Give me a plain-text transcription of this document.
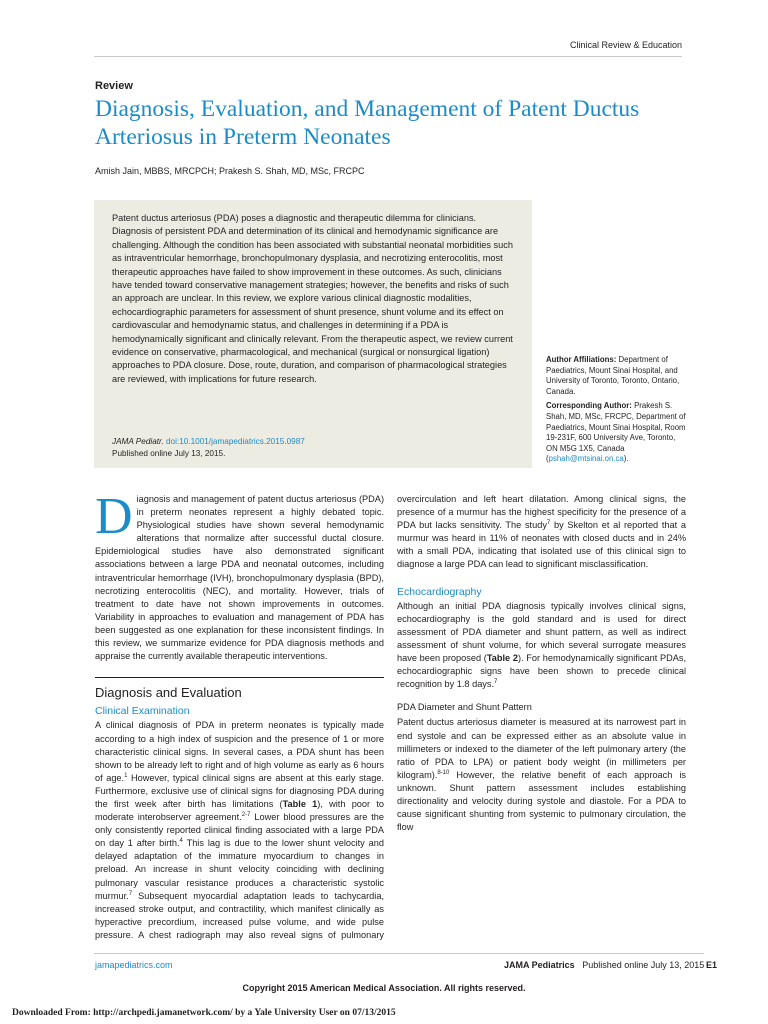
Clinical Review & Education
Review
Diagnosis, Evaluation, and Management of Patent Ductus Arteriosus in Preterm Neonates
Amish Jain, MBBS, MRCPCH; Prakesh S. Shah, MD, MSc, FRCPC
Patent ductus arteriosus (PDA) poses a diagnostic and therapeutic dilemma for clinicians. Diagnosis of persistent PDA and determination of its clinical and hemodynamic significance are challenging. Although the condition has been associated with substantial neonatal morbidities such as intraventricular hemorrhage, bronchopulmonary dysplasia, and necrotizing enterocolitis, most therapeutic approaches have failed to show improvement in these outcomes. As such, clinicians have tended toward conservative management strategies; however, the benefits and risks of such an approach are unclear. In this review, we explore various clinical diagnostic modalities, echocardiographic parameters for assessment of shunt presence, shunt volume and its effect on cardiovascular and hemodynamic status, and challenges in determining if a PDA is hemodynamically significant and clinically relevant. From the therapeutic aspect, we review current evidence on conservative, pharmacological, and mechanical (surgical or nonsurgical ligation) approaches to PDA closure. Dose, route, duration, and comparison of pharmacological strategies are reviewed, with implications for future research.
JAMA Pediatr. doi:10.1001/jamapediatrics.2015.0987
Published online July 13, 2015.

Author Affiliations: Department of Paediatrics, Mount Sinai Hospital, and University of Toronto, Toronto, Ontario, Canada.

Corresponding Author: Prakesh S. Shah, MD, MSc, FRCPC, Department of Paediatrics, Mount Sinai Hospital, Room 19-231F, 600 University Ave, Toronto, ON M5G 1X5, Canada (pshah@mtsinai.on.ca).

Diagnosis and management of patent ductus arteriosus (PDA) in preterm neonates represent a highly debated topic. Physiological studies have shown several hemodynamic alterations that normalize after successful ductal closure. Epidemiological studies have also demonstrated significant associations between a large PDA and neonatal outcomes, including intraventricular hemorrhage (IVH), bronchopulmonary dysplasia (BPD), necrotizing enterocolitis (NEC), and mortality. However, trials of treatment to date have not shown improvements in outcomes. Variability in approaches to evaluation and management of PDA has been suggested as one explanation for these inconsistent findings. In this review, we summarize evidence for PDA diagnosis methods and appraise the currently available therapeutic interventions.

Diagnosis and Evaluation
Clinical Examination

A clinical diagnosis of PDA in preterm neonates is typically made according to a high index of suspicion and the presence of 1 or more characteristic clinical signs. In several cases, a PDA shunt has been shown to be already left to right and of high volume as early as 6 hours of age.$^1$ However, typical clinical signs are absent at this early stage. Furthermore, exclusive use of clinical signs for diagnosing PDA during the first week after birth has limitations (Table 1), with poor to moderate interobserver agreement.$^{2-7}$ Lower blood pressures are the only consistently reported clinical finding associated with a large PDA on day 1 after birth.$^4$ This lag is due to the lower shunt velocity and delayed adaptation of the immature myocardium to changes in preload. An increase in shunt velocity coinciding with declining pulmonary vascular resistance produces a characteristic systolic murmur.$^7$ Subsequent myocardial adaptation leads to tachycardia, increased stroke output, and contractility, which manifest clinically as hyperactive precordium, increased pulse volume, and wide pulse pressure. A chest radiograph may also reveal signs of pulmonary overcirculation and left heart dilatation. Among clinical signs, the presence of a murmur has the highest specificity for the presence of a PDA but lacks sensitivity. The study$^7$ by Skelton et al reported that a murmur was heard in 11% of neonates with closed ducts and in 24% with a small PDA, indicating that isolated use of this clinical sign to diagnose a large PDA can lead to significant misclassification.

Echocardiography

Although an initial PDA diagnosis typically involves clinical signs, echocardiography is the gold standard and is used for direct assessment of PDA diameter and shunt pattern, as well as indirect assessment of shunt volume, for which several surrogate measures have been proposed (Table 2). For hemodynamically significant PDAs, echocardiographic signs have been shown to precede clinical recognition by 1.8 days.$^7$

PDA Diameter and Shunt Pattern

Patent ductus arteriosus diameter is measured at its narrowest part in end systole and can be expressed either as an absolute value in millimeters or indexed to the diameter of the left pulmonary artery (the ratio of PDA to LPA) or patient body weight (in millimeters per kilogram).$^{8-10}$ However, the relative benefit of each approach is unknown. Shunt pattern assessment includes establishing directionality and velocity during systole and diastole. For a PDA to cause significant shunting from systemic to pulmonary circulation, the flow

jamapediatrics.com	JAMA Pediatrics Published online July 13, 2015 E1
Copyright 2015 American Medical Association. All rights reserved.
Downloaded From: http://archpedi.jamanetwork.com/ by a Yale University User on 07/13/2015
